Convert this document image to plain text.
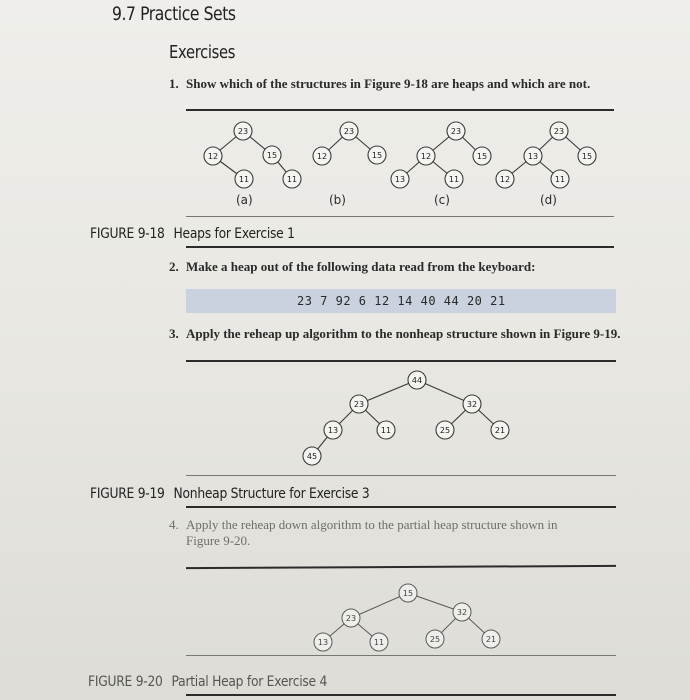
9.7 Practice Sets
Exercises
1. Show which of the structures in Figure 9-18 are heaps and which are not.
23
12	15
11	11
23
12	15
23
12	15
13	11
23
13	15
12	11
(a)	(b)	(c)	(d)
FIGURE 9-18 Heaps for Exercise 1
2. Make a heap out of the following data read from the keyboard:
23 7 92 6 12 14 40 44 20 21
3. Apply the reheap up algorithm to the nonheap structure shown in Figure 9-19.
44
23	32
13	11	25	21
45
FIGURE 9-19 Nonheap Structure for Exercise 3
4. Apply the reheap down algorithm to the partial heap structure shown in
Figure 9-20.
15
23
32
13	11	25	21
FIGURE 9-20 Partial Heap for Exercise 4
